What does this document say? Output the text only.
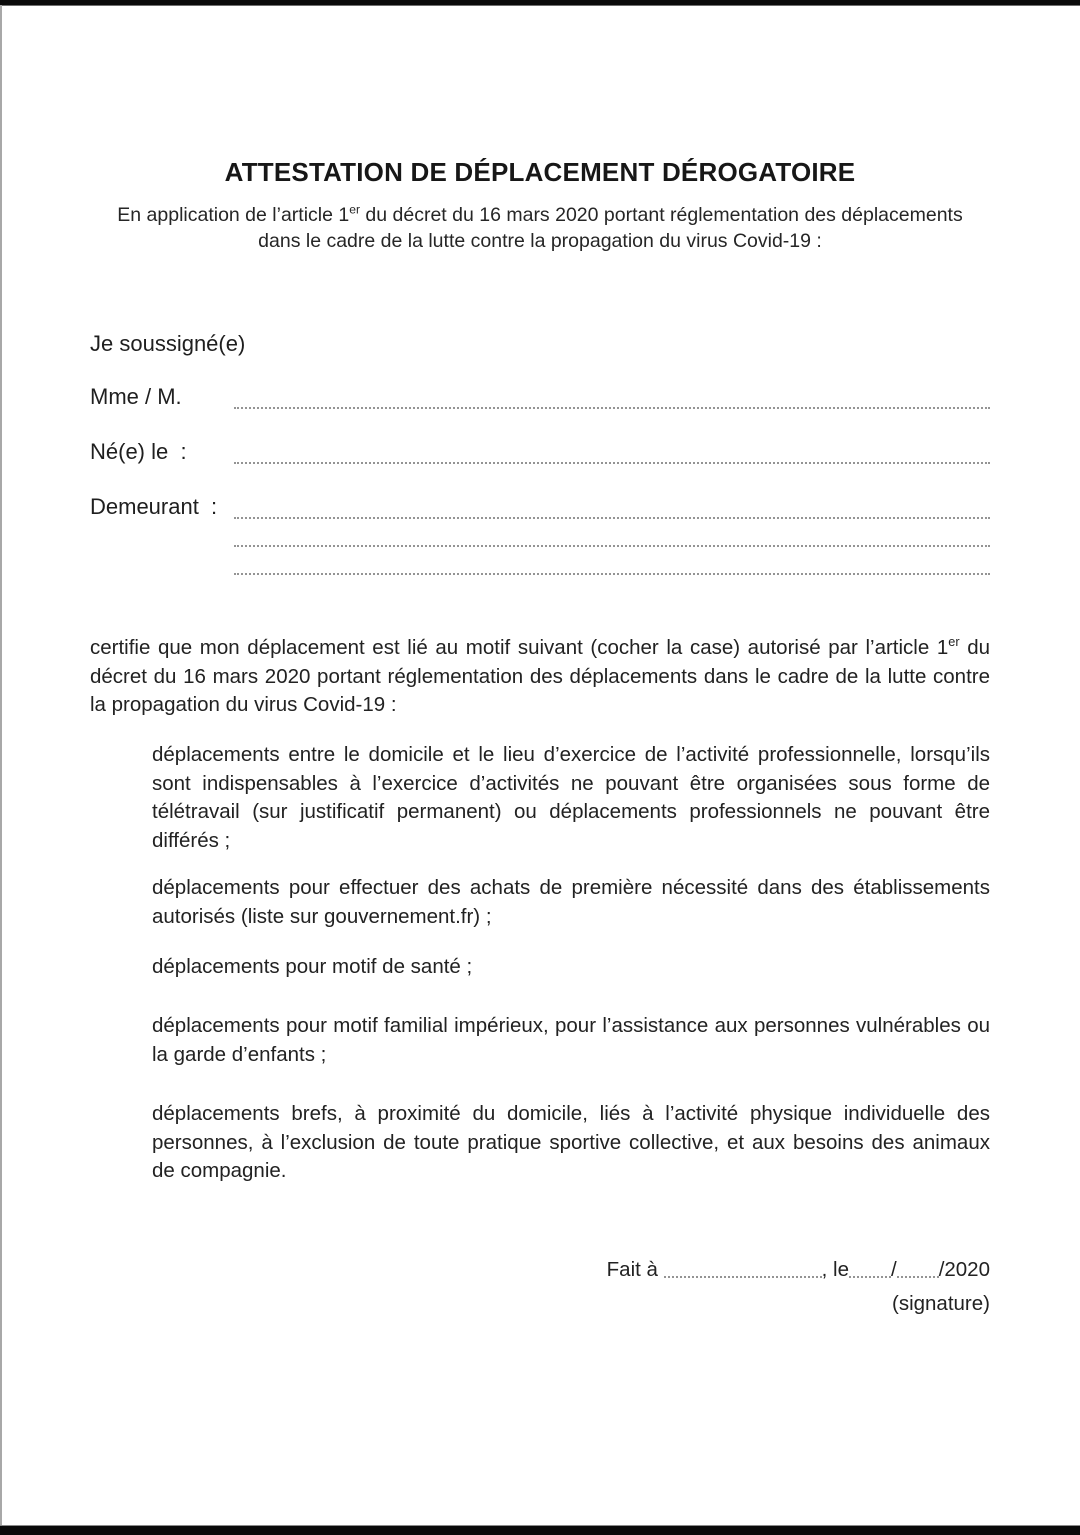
ATTESTATION DE DÉPLACEMENT DÉROGATOIRE
En application de l’article 1er du décret du 16 mars 2020 portant réglementation des déplacements dans le cadre de la lutte contre la propagation du virus Covid-19 :
Je soussigné(e)
Mme / M.
Né(e) le  :
Demeurant  :
certifie que mon déplacement est lié au motif suivant (cocher la case) autorisé par l’article 1er du décret du 16 mars 2020 portant réglementation des déplacements dans le cadre de la lutte contre la propagation du virus Covid-19 :
déplacements entre le domicile et le lieu d’exercice de l’activité professionnelle, lorsqu’ils sont indispensables à l’exercice d’activités ne pouvant être organisées sous forme de télétravail (sur justificatif permanent) ou déplacements professionnels ne pouvant être différés ;
déplacements pour effectuer des achats de première nécessité dans des établissements autorisés (liste sur gouvernement.fr) ;
déplacements pour motif de santé ;
déplacements pour motif familial impérieux, pour l’assistance aux personnes vulnérables ou la garde d’enfants ;
déplacements brefs, à proximité du domicile, liés à l’activité physique individuelle des personnes, à l’exclusion de toute pratique sportive collective, et aux besoins des animaux de compagnie.
Fait à	, le / /2020
(signature)
